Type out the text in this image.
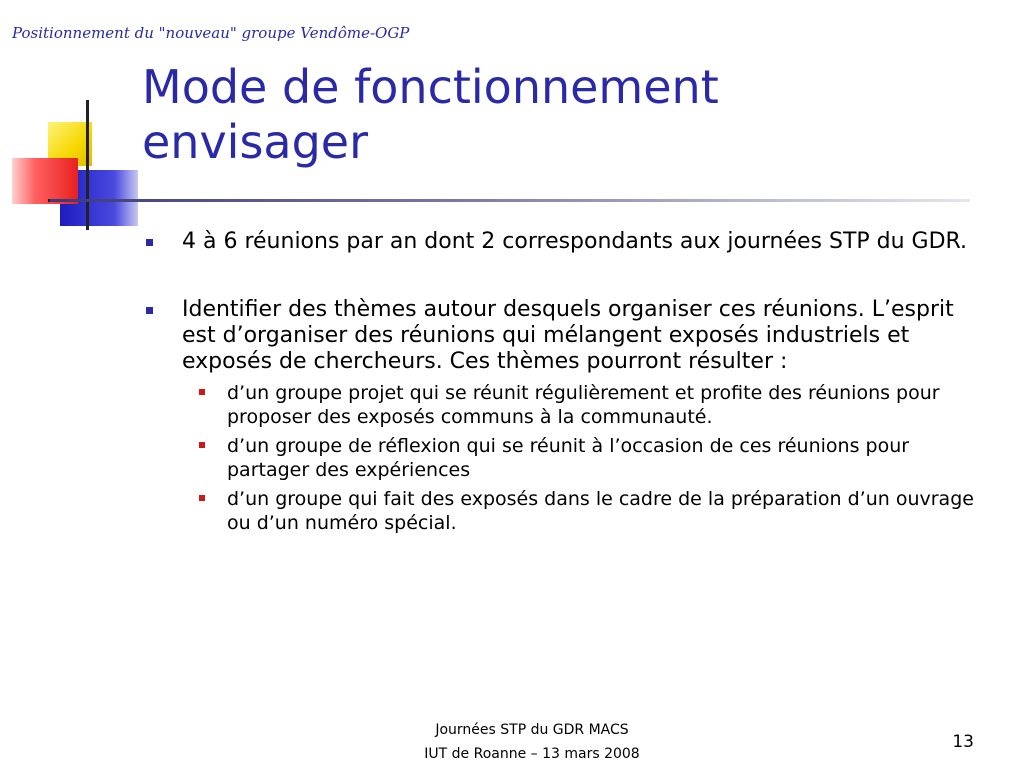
Positionnement du "nouveau" groupe Vendôme-OGP
Mode de fonctionnement
envisager
4 à 6 réunions par an dont 2 correspondants aux journées STP du GDR.
Identifier des thèmes autour desquels organiser ces réunions. L’esprit est d’organiser des réunions qui mélangent exposés industriels et exposés de chercheurs. Ces thèmes pourront résulter :
d’un groupe projet qui se réunit régulièrement et profite des réunions pour proposer des exposés communs à la communauté.
d’un groupe de réflexion qui se réunit à l’occasion de ces réunions pour partager des expériences
d’un groupe qui fait des exposés dans le cadre de la préparation d’un ouvrage ou d’un numéro spécial.
Journées STP du GDR MACS
IUT de Roanne – 13 mars 2008
13
